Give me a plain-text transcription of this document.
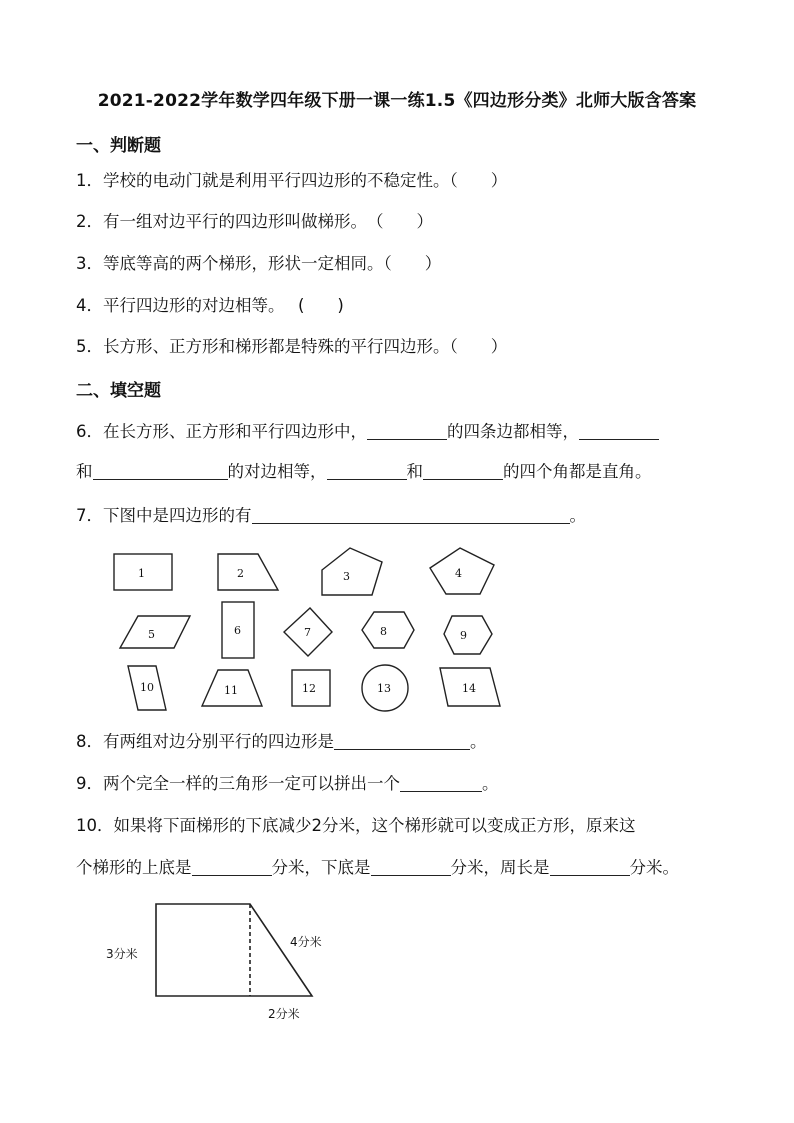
2021-2022学年数学四年级下册一课一练1.5《四边形分类》北师大版含答案
一、判断题
1．学校的电动门就是利用平行四边形的不稳定性。（　　）
2．有一组对边平行的四边形叫做梯形。　（　　）
3．等底等高的两个梯形，形状一定相同。（　　）
4．平行四边形的对边相等。　 (　　)
5．长方形、正方形和梯形都是特殊的平行四边形。（　　）
二、填空题
6．在长方形、正方形和平行四边形中，	的四条边都相等，
和	的对边相等，	和	的四个角都是直角。
7．下图中是四边形的有	。
1	2	3	4
5	6	7	8	9
10	11	12	13	14
8．有两组对边分别平行的四边形是	。
9．两个完全一样的三角形一定可以拼出一个	。
10．如果将下面梯形的下底减少2分米，这个梯形就可以变成正方形，原来这
个梯形的上底是	分米，下底是	分米，周长是	分米。
3分米
4分米
2分米
